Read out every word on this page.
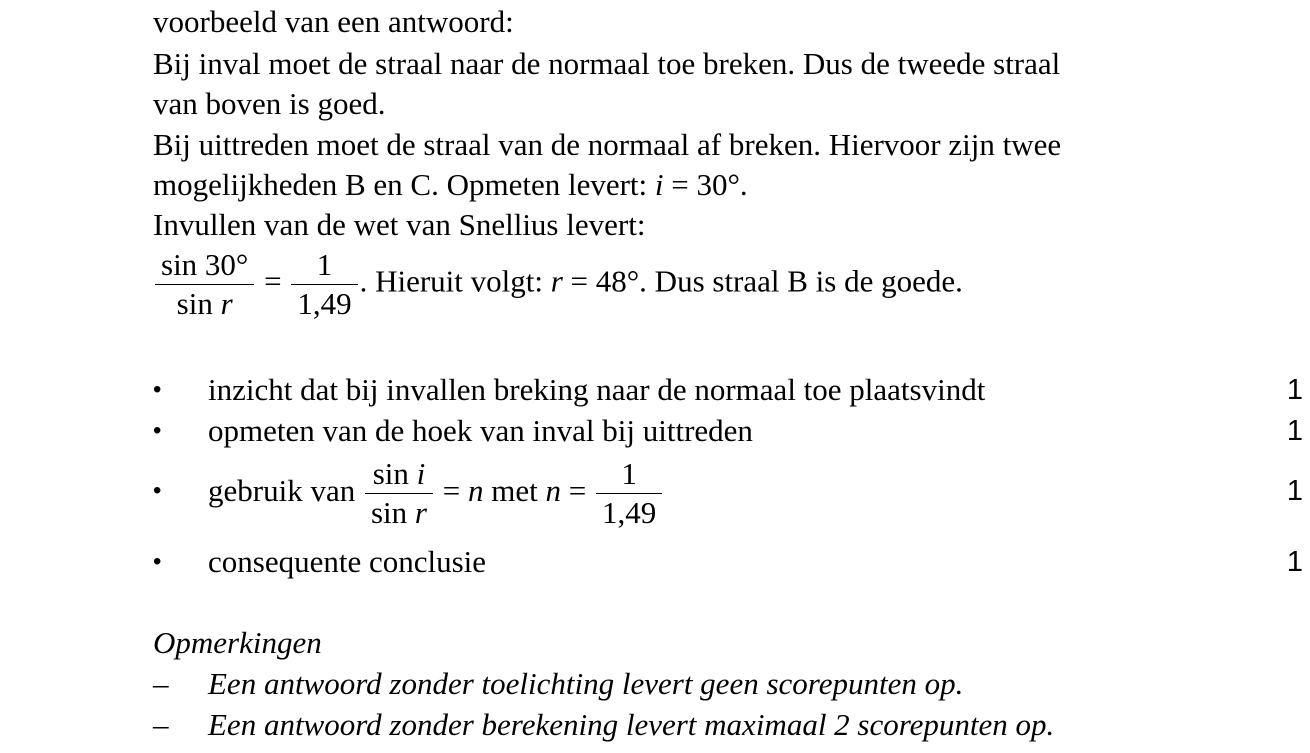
voorbeeld van een antwoord:
Bij inval moet de straal naar de normaal toe breken. Dus de tweede straal
van boven is goed.
Bij uittreden moet de straal van de normaal af breken. Hiervoor zijn twee
mogelijkheden B en C. Opmeten levert: i = 30°.
Invullen van de wet van Snellius levert:
$\frac{\sin 30^\circ}{\text{sin r}} = \frac{1}{1,49}$ . Hieruit volgt: r = 48°. Dus straal B is de goede.
• inzicht dat bij invallen breking naar de normaal toe plaatsvindt	1
• opmeten van de hoek van inval bij uittreden	1
• gebruik van $\frac{\text{sin i}}{\text{sin r}} = n$ met $n = \frac{1}{1,49}$	1
• consequente conclusie	1
Opmerkingen
– Een antwoord zonder toelichting levert geen scorepunten op.
– Een antwoord zonder berekening levert maximaal 2 scorepunten op.
